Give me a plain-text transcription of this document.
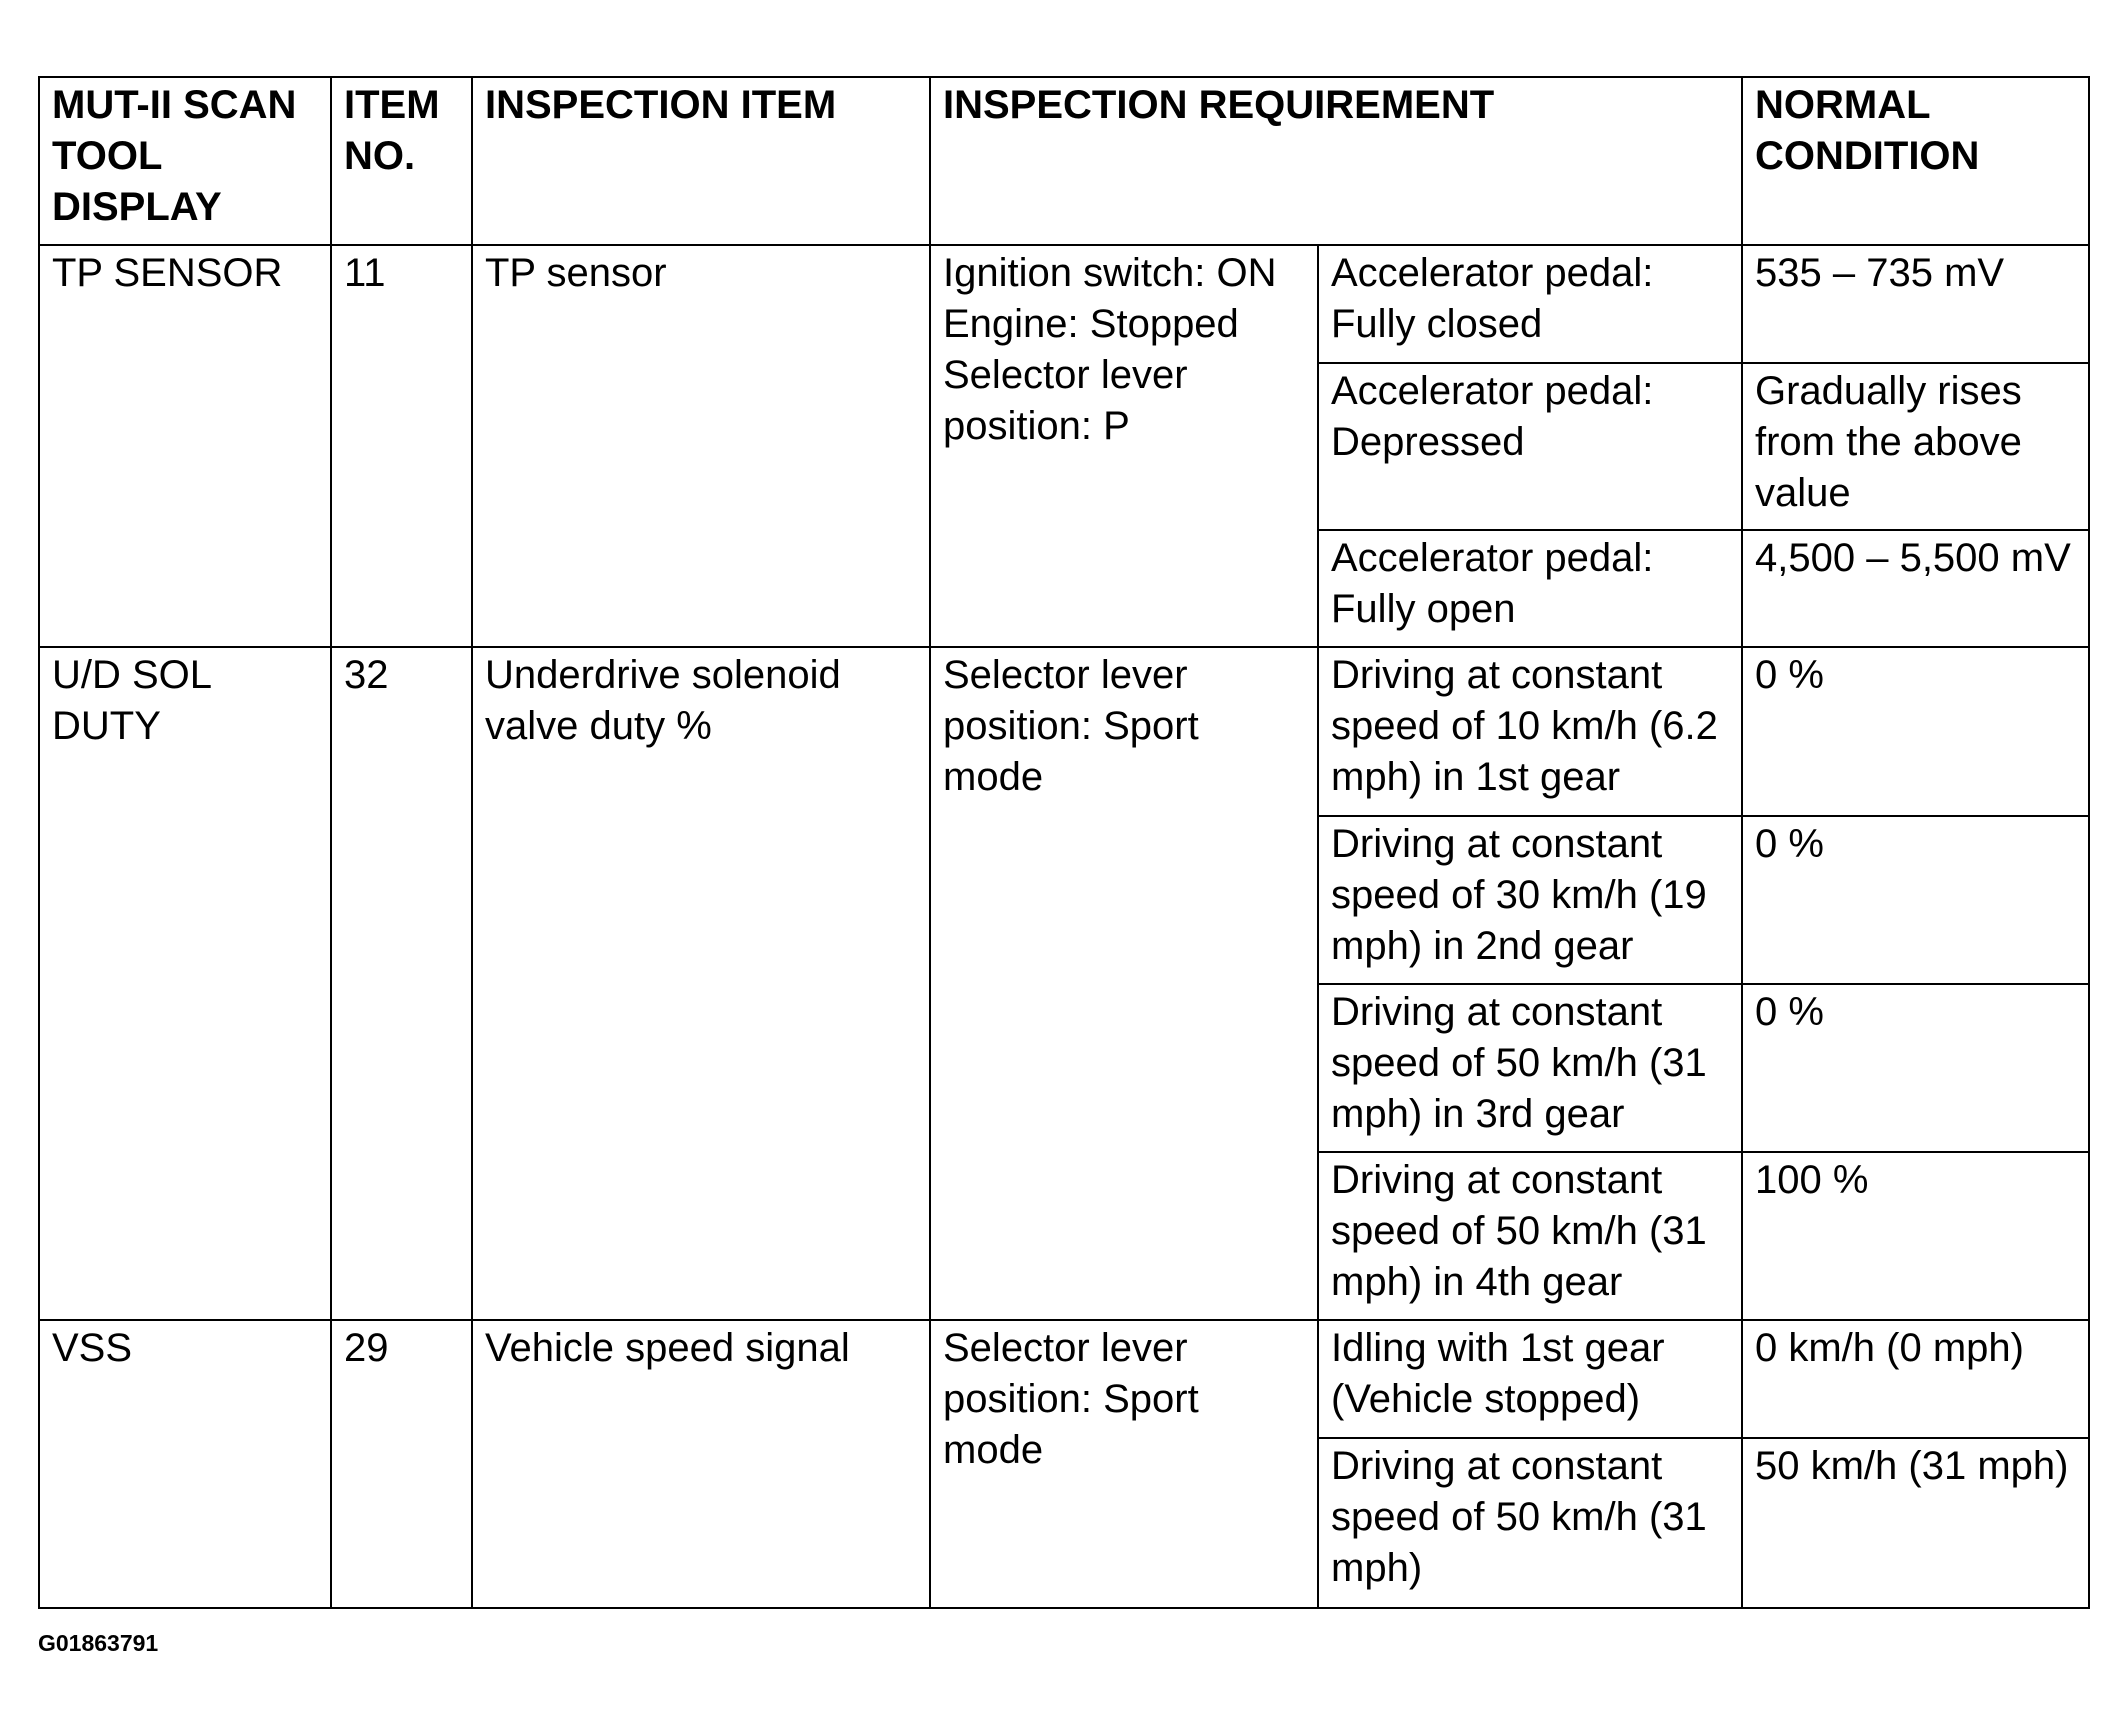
MUT-II SCAN TOOL DISPLAY	ITEM NO.	INSPECTION ITEM	INSPECTION REQUIREMENT		NORMAL CONDITION
TP SENSOR	11	TP sensor	Ignition switch: ON Engine: Stopped Selector lever position: P	Accelerator pedal: Fully closed	535 – 735 mV
				Accelerator pedal: Depressed	Gradually rises from the above value
				Accelerator pedal: Fully open	4,500 – 5,500 mV
U/D SOL DUTY	32	Underdrive solenoid valve duty %	Selector lever position: Sport mode	Driving at constant speed of 10 km/h (6.2 mph) in 1st gear	0 %
				Driving at constant speed of 30 km/h (19 mph) in 2nd gear	0 %
				Driving at constant speed of 50 km/h (31 mph) in 3rd gear	0 %
				Driving at constant speed of 50 km/h (31 mph) in 4th gear	100 %
VSS	29	Vehicle speed signal	Selector lever position: Sport mode	Idling with 1st gear (Vehicle stopped)	0 km/h (0 mph)
				Driving at constant speed of 50 km/h (31 mph)	50 km/h (31 mph)
G01863791
